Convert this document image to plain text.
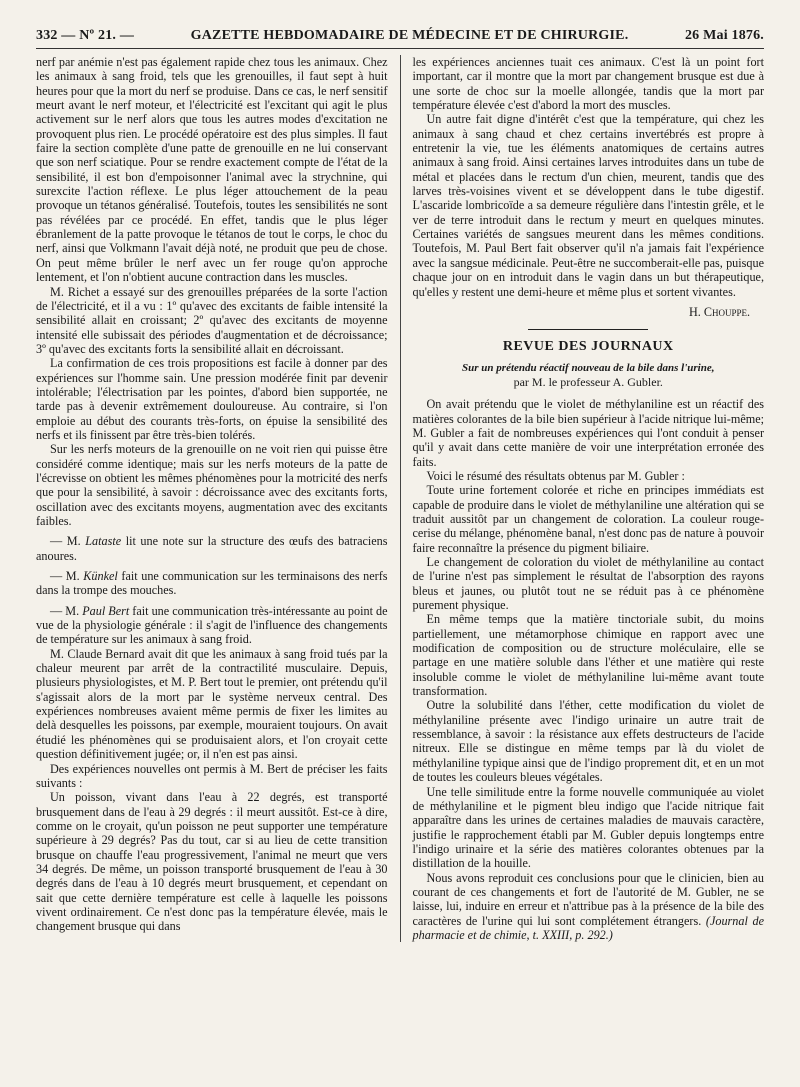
332 — Nº 21. —	GAZETTE HEBDOMADAIRE DE MÉDECINE ET DE CHIRURGIE.	26 Mai 1876.

nerf par anémie n'est pas également rapide chez tous les animaux. Chez les animaux à sang froid, tels que les grenouilles, il faut sept à huit heures pour que la mort du nerf se produise. Dans ce cas, le nerf sensitif meurt avant le nerf moteur, et l'électricité est l'excitant qui agit le plus activement sur le nerf alors que tous les autres modes d'excitation ne provoquent plus rien. Le procédé opératoire est des plus simples. Il faut faire la section complète d'une patte de grenouille en ne lui conservant que son nerf sciatique. Pour se rendre exactement compte de l'état de la sensibilité, il est bon d'empoisonner l'animal avec la strychnine, qui surexcite l'action réflexe. Le plus léger attouchement de la peau provoque un tétanos généralisé. Toutefois, toutes les sensibilités ne sont pas révélées par ce procédé. En effet, tandis que le plus léger ébranlement de la patte provoque le tétanos de tout le corps, le choc du nerf, ainsi que Volkmann l'avait déjà noté, ne produit que peu de chose. On peut même brûler le nerf avec un fer rouge qu'on approche lentement, et l'on n'obtient aucune contraction dans les muscles.

M. Richet a essayé sur des grenouilles préparées de la sorte l'action de l'électricité, et il a vu : 1º qu'avec des excitants de faible intensité la sensibilité allait en croissant; 2º qu'avec des excitants de moyenne intensité elle subissait des périodes d'augmentation et de décroissance; 3º qu'avec des excitants forts la sensibilité allait en décroissant.

La confirmation de ces trois propositions est facile à donner par des expériences sur l'homme sain. Une pression modérée finit par devenir intolérable; l'électrisation par les pointes, d'abord bien supportée, ne tarde pas à devenir extrêmement douloureuse. Au contraire, si l'on emploie au début des courants très-forts, on épuise la sensibilité des nerfs et ils finissent par être très-bien tolérés.

Sur les nerfs moteurs de la grenouille on ne voit rien qui puisse être considéré comme identique; mais sur les nerfs moteurs de la patte de l'écrevisse on obtient les mêmes phénomènes pour la motricité des nerfs que pour la sensibilité, à savoir : décroissance avec des excitants forts, oscillation avec des excitants moyens, augmentation avec des excitants faibles.

— M. Lataste lit une note sur la structure des œufs des batraciens anoures.

— M. Künkel fait une communication sur les terminaisons des nerfs dans la trompe des mouches.

— M. Paul Bert fait une communication très-intéressante au point de vue de la physiologie générale : il s'agit de l'influence des changements de température sur les animaux à sang froid.

M. Claude Bernard avait dit que les animaux à sang froid tués par la chaleur meurent par arrêt de la contractilité musculaire. Depuis, plusieurs physiologistes, et M. P. Bert tout le premier, ont prétendu qu'il s'agissait alors de la mort par le système nerveux central. Des expériences nombreuses avaient même permis de fixer les limites au delà desquelles les poissons, par exemple, mouraient toujours. On avait étudié les phénomènes qui se produisaient alors, et l'on croyait cette question définitivement jugée; or, il n'en est pas ainsi.

Des expériences nouvelles ont permis à M. Bert de préciser les faits suivants :

Un poisson, vivant dans l'eau à 22 degrés, est transporté brusquement dans de l'eau à 29 degrés : il meurt aussitôt. Est-ce à dire, comme on le croyait, qu'un poisson ne peut supporter une température supérieure à 29 degrés? Pas du tout, car si au lieu de cette transition brusque on chauffe l'eau progressivement, l'animal ne meurt que vers 34 degrés. De même, un poisson transporté brusquement de l'eau à 30 degrés dans de l'eau à 10 degrés meurt brusquement, et cependant on sait que cette dernière température est celle à laquelle les poissons vivent ordinairement. Ce n'est donc pas la température élevée, mais le changement brusque qui dans

les expériences anciennes tuait ces animaux. C'est là un point fort important, car il montre que la mort par changement brusque est due à une sorte de choc sur la moelle allongée, tandis que la mort par température élevée c'est d'abord la mort des muscles.

Un autre fait digne d'intérêt c'est que la température, qui chez les animaux à sang chaud et chez certains invertébrés est propre à entretenir la vie, tue les éléments anatomiques de certains autres animaux à sang froid. Ainsi certaines larves introduites dans un tube de métal et placées dans le rectum d'un chien, meurent, tandis que des larves très-voisines vivent et se développent dans le tube digestif. L'ascaride lombricoïde a sa demeure régulière dans l'intestin grêle, et le ver de terre introduit dans le rectum y meurt en quelques minutes. Certaines variétés de sangsues meurent dans les mêmes conditions. Toutefois, M. Paul Bert fait observer qu'il n'a jamais fait l'expérience avec la sangsue médicinale. Peut-être ne succomberait-elle pas, puisque chaque jour on en introduit dans le vagin dans un but thérapeutique, qu'elles y restent une demi-heure et même plus et sortent vivantes.

H. Chouppe.
REVUE DES JOURNAUX
Sur un prétendu réactif nouveau de la bile dans l'urine,
par M. le professeur A. Gubler.

On avait prétendu que le violet de méthylaniline est un réactif des matières colorantes de la bile bien supérieur à l'acide nitrique lui-même; M. Gubler a fait de nombreuses expériences qui l'ont conduit à penser qu'il y avait dans cette manière de voir une interprétation erronée des faits.

Voici le résumé des résultats obtenus par M. Gubler :

Toute urine fortement colorée et riche en principes immédiats est capable de produire dans le violet de méthylaniline une altération qui se traduit aussitôt par un changement de coloration. La couleur rouge-cerise du mélange, phénomène banal, n'est donc pas de nature à pouvoir faire reconnaître la présence du pigment biliaire.

Le changement de coloration du violet de méthylaniline au contact de l'urine n'est pas simplement le résultat de l'absorption des rayons bleus et jaunes, ou plutôt tout ne se réduit pas à ce phénomène purement physique.

En même temps que la matière tinctoriale subit, du moins partiellement, une métamorphose chimique en rapport avec une modification de composition ou de structure moléculaire, elle se partage en une matière soluble dans l'éther et une matière qui reste insoluble comme le violet de méthylaniline lui-même avant toute transformation.

Outre la solubilité dans l'éther, cette modification du violet de méthylaniline présente avec l'indigo urinaire un autre trait de ressemblance, à savoir : la résistance aux effets destructeurs de l'acide nitreux. Elle se distingue en même temps par là du violet de méthylaniline typique ainsi que de l'indigo proprement dit, et en un mot de toutes les couleurs bleues végétales.

Une telle similitude entre la forme nouvelle communiquée au violet de méthylaniline et le pigment bleu indigo que l'acide nitrique fait apparaître dans les urines de certaines maladies de mauvais caractère, justifie le rapprochement établi par M. Gubler depuis longtemps entre l'indigo urinaire et la série des matières colorantes obtenues par la distillation de la houille.

Nous avons reproduit ces conclusions pour que le clinicien, bien au courant de ces changements et fort de l'autorité de M. Gubler, ne se laisse, lui, induire en erreur et n'attribue pas à la présence de la bile des caractères de l'urine qui lui sont complétement étrangers. (Journal de pharmacie et de chimie, t. XXIII, p. 292.)
